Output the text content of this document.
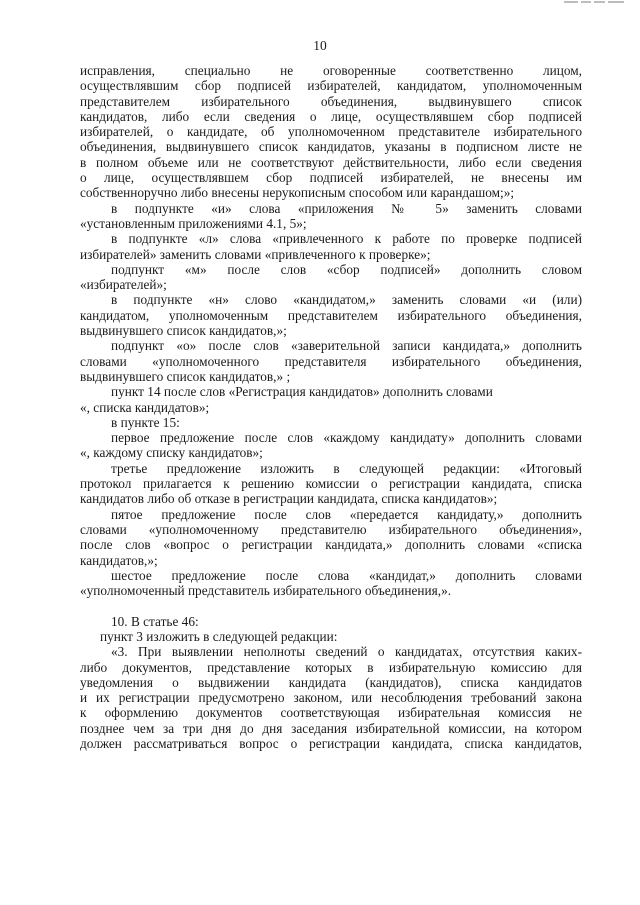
10

исправления, специально не оговоренные соответственно лицом,

осуществлявшим сбор подписей избирателей, кандидатом, уполномоченным

представителем избирательного объединения, выдвинувшего список

кандидатов, либо если сведения о лице, осуществлявшем сбор подписей

избирателей, о кандидате, об уполномоченном представителе избирательного

объединения, выдвинувшего список кандидатов, указаны в подписном листе не

в полном объеме или не соответствуют действительности, либо если сведения

о лице, осуществлявшем сбор подписей избирателей, не внесены им

собственноручно либо внесены нерукописным способом или карандашом;»;

в подпункте «и» слова «приложения № 5» заменить словами

«установленным приложениями 4.1, 5»;

в подпункте «л» слова «привлеченного к работе по проверке подписей

избирателей» заменить словами «привлеченного к проверке»;

подпункт «м» после слов «сбор подписей» дополнить словом

«избирателей»;

в подпункте «н» слово «кандидатом,» заменить словами «и (или)

кандидатом, уполномоченным представителем избирательного объединения,

выдвинувшего список кандидатов,»;

подпункт «о» после слов «заверительной записи кандидата,» дополнить

словами «уполномоченного представителя избирательного объединения,

выдвинувшего список кандидатов,» ;

пункт 14 после слов «Регистрация кандидатов» дополнить словами

«, списка кандидатов»;

в пункте 15:

первое предложение после слов «каждому кандидату» дополнить словами

«, каждому списку кандидатов»;

третье предложение изложить в следующей редакции: «Итоговый

протокол прилагается к решению комиссии о регистрации кандидата, списка

кандидатов либо об отказе в регистрации кандидата, списка кандидатов»;

пятое предложение после слов «передается кандидату,» дополнить

словами «уполномоченному представителю избирательного объединения»,

после слов «вопрос о регистрации кандидата,» дополнить словами «списка

кандидатов,»;

шестое предложение после слова «кандидат,» дополнить словами

«уполномоченный представитель избирательного объединения,».

10. В статье 46:

пункт 3 изложить в следующей редакции:

«3. При выявлении неполноты сведений о кандидатах, отсутствия каких-

либо документов, представление которых в избирательную комиссию для

уведомления о выдвижении кандидата (кандидатов), списка кандидатов

и их регистрации предусмотрено законом, или несоблюдения требований закона

к оформлению документов соответствующая избирательная комиссия не

позднее чем за три дня до дня заседания избирательной комиссии, на котором

должен рассматриваться вопрос о регистрации кандидата, списка кандидатов,
